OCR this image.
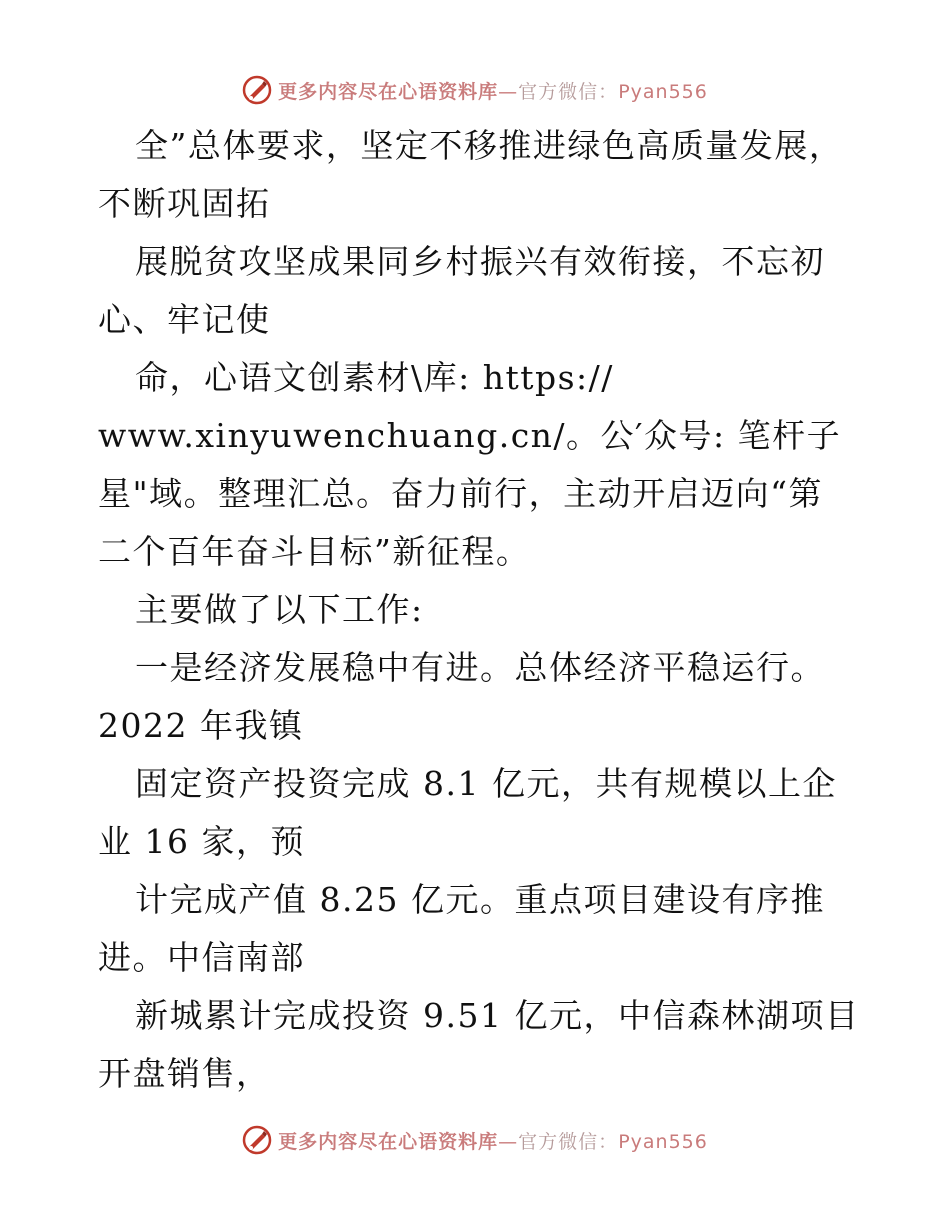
更多内容尽在心语资料库—官方微信：Pyan556
全”总体要求，坚定不移推进绿色高质量发展，
不断巩固拓
展脱贫攻坚成果同乡村振兴有效衔接，不忘初
心、牢记使
命，心语文创素材\库: https://
www.xinyuwenchuang.cn/。公′众号: 笔杆子
星"域。整理汇总。奋力前行，主动开启迈向“第
二个百年奋斗目标”新征程。
主要做了以下工作:
一是经济发展稳中有进。总体经济平稳运行。
2022 年我镇
固定资产投资完成 8.1 亿元，共有规模以上企
业 16 家，预
计完成产值 8.25 亿元。重点项目建设有序推
进。中信南部
新城累计完成投资 9.51 亿元，中信森林湖项目
开盘销售，
更多内容尽在心语资料库—官方微信：Pyan556
